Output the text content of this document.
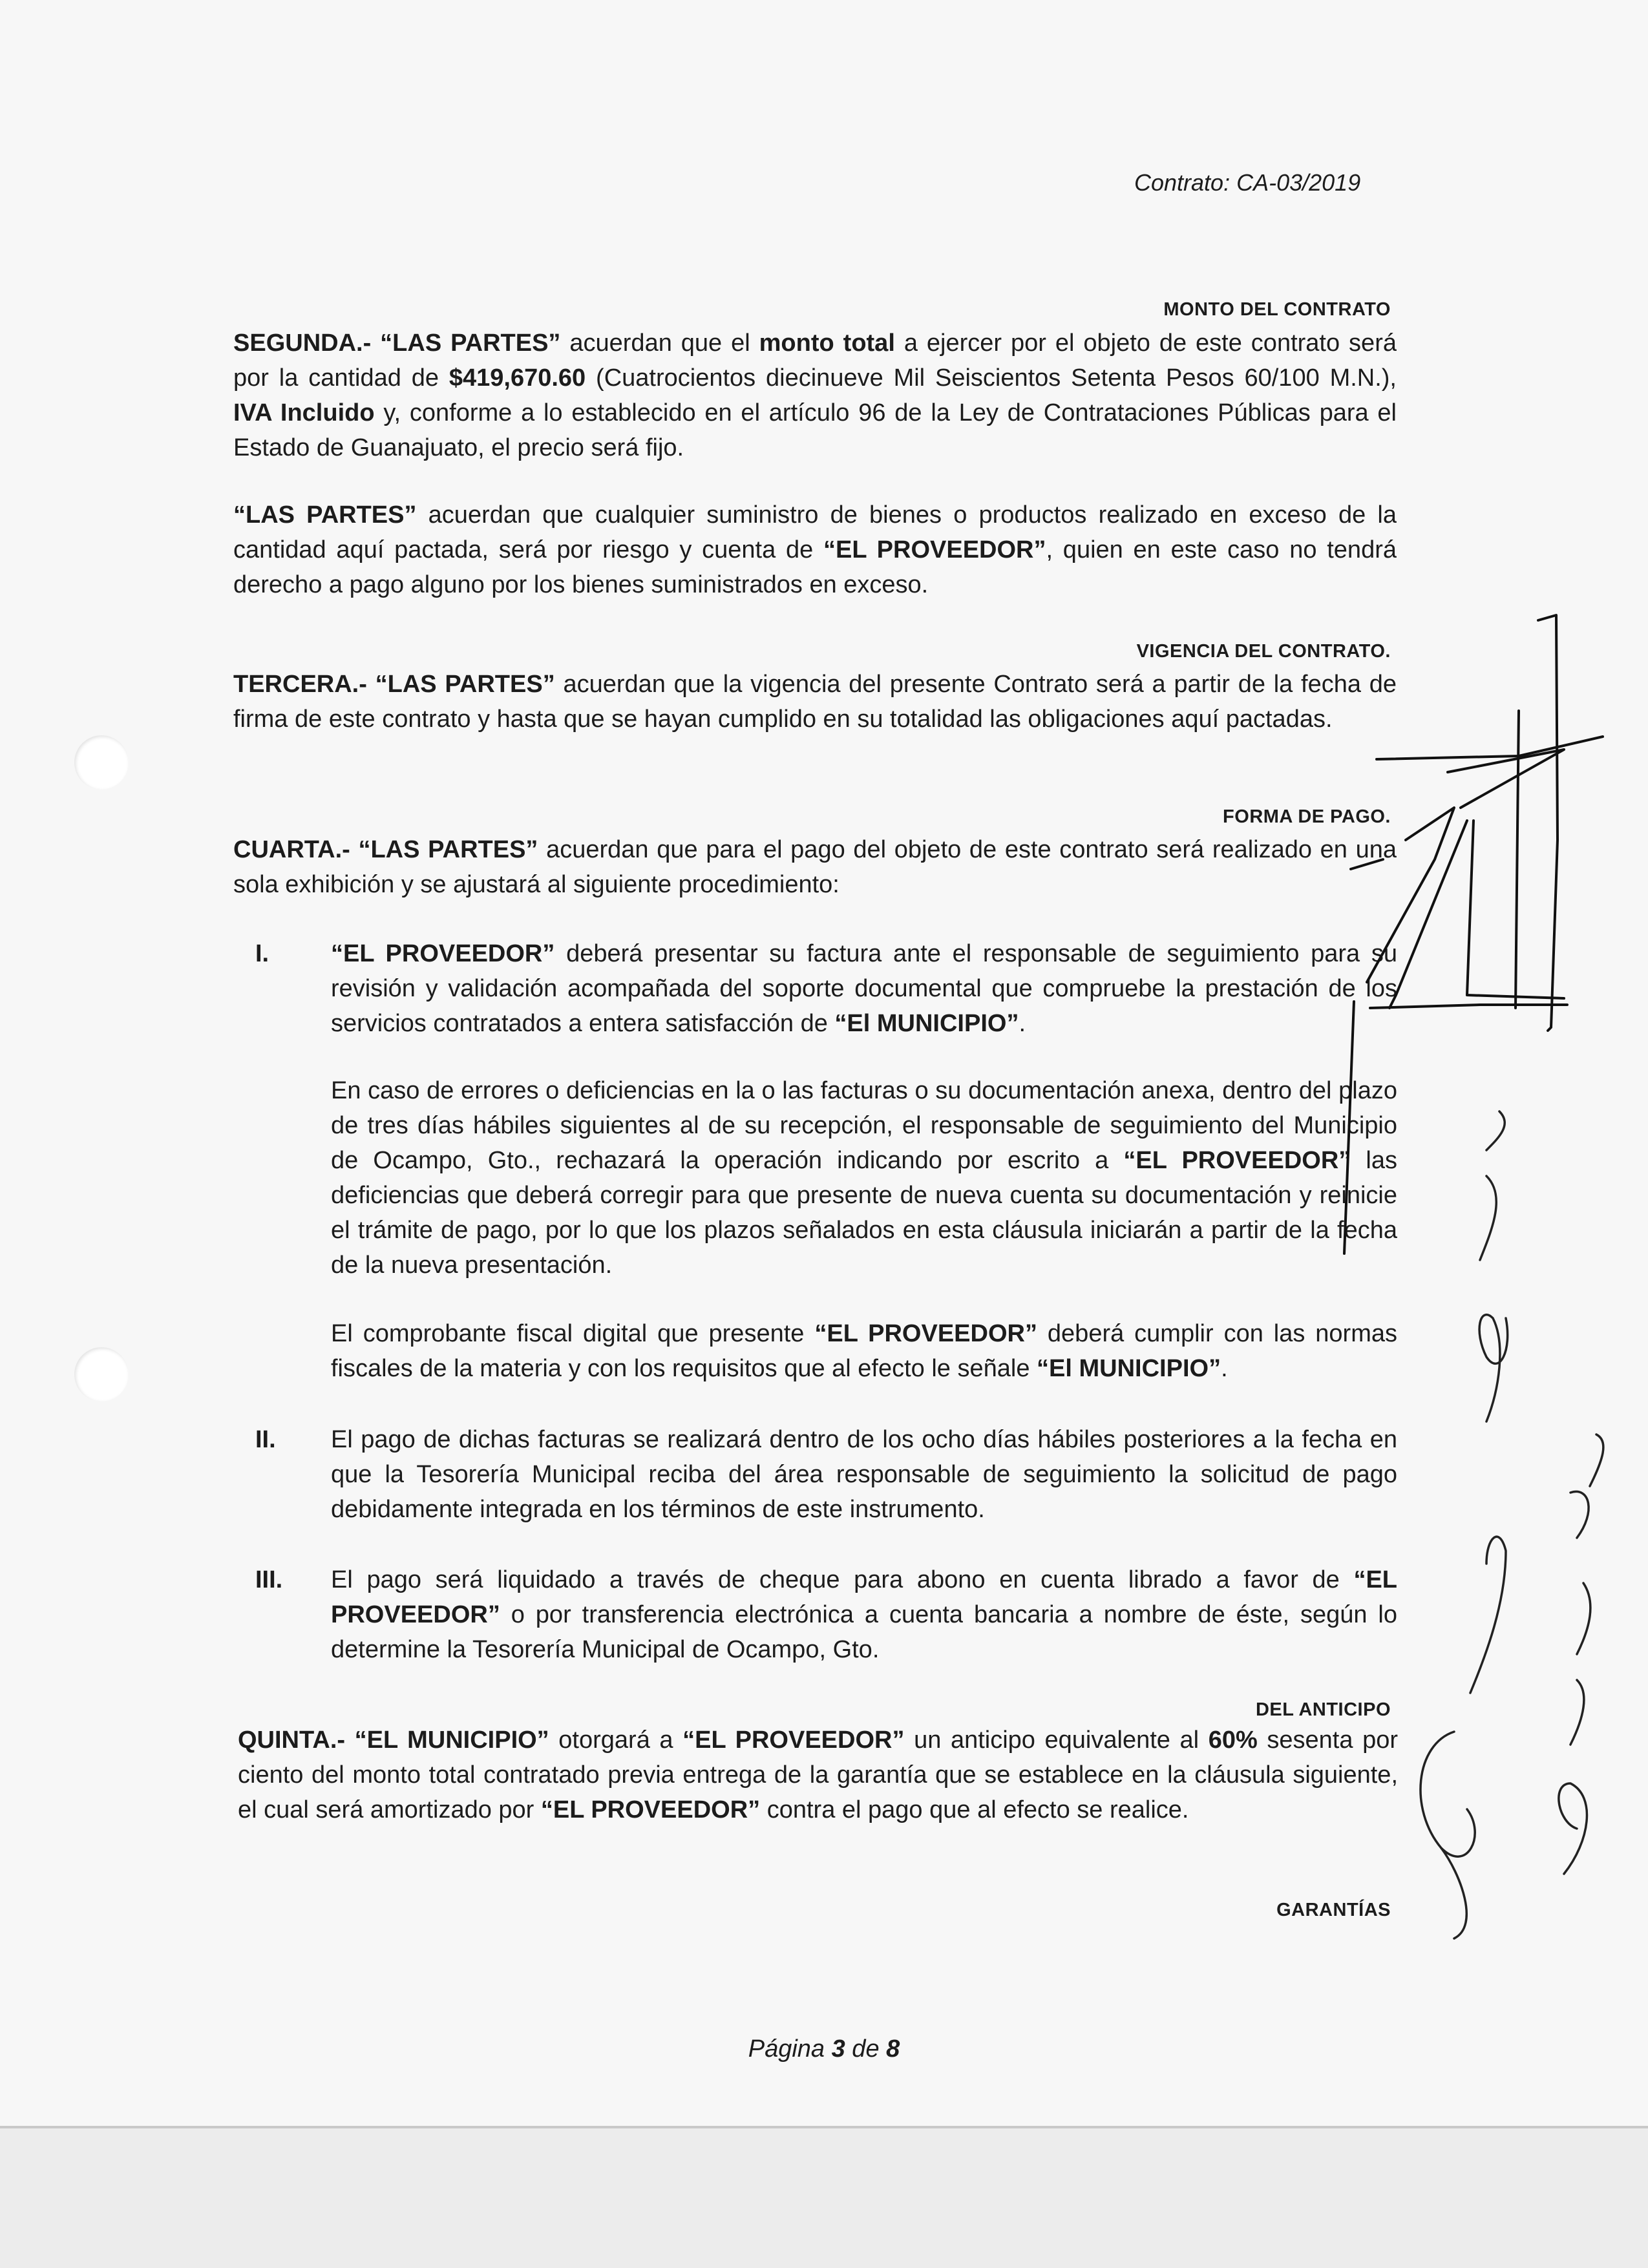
Contrato: CA-03/2019
MONTO DEL CONTRATO
SEGUNDA.- “LAS PARTES” acuerdan que el monto total a ejercer por el objeto de este contrato será por la cantidad de $419,670.60 (Cuatrocientos diecinueve Mil Seiscientos Setenta Pesos 60/100 M.N.), IVA Incluido y, conforme a lo establecido en el artículo 96 de la Ley de Contrataciones Públicas para el Estado de Guanajuato, el precio será fijo.
“LAS PARTES” acuerdan que cualquier suministro de bienes o productos realizado en exceso de la cantidad aquí pactada, será por riesgo y cuenta de “EL PROVEEDOR”, quien en este caso no tendrá derecho a pago alguno por los bienes suministrados en exceso.
VIGENCIA DEL CONTRATO.
TERCERA.- “LAS PARTES” acuerdan que la vigencia del presente Contrato será a partir de la fecha de firma de este contrato y hasta que se hayan cumplido en su totalidad las obligaciones aquí pactadas.
FORMA DE PAGO.
CUARTA.- “LAS PARTES” acuerdan que para el pago del objeto de este contrato será realizado en una sola exhibición y se ajustará al siguiente procedimiento:
I.	“EL PROVEEDOR” deberá presentar su factura ante el responsable de seguimiento para su revisión y validación acompañada del soporte documental que compruebe la prestación de los servicios contratados a entera satisfacción de “El MUNICIPIO”.
En caso de errores o deficiencias en la o las facturas o su documentación anexa, dentro del plazo de tres días hábiles siguientes al de su recepción, el responsable de seguimiento del Municipio de Ocampo, Gto., rechazará la operación indicando por escrito a “EL PROVEEDOR” las deficiencias que deberá corregir para que presente de nueva cuenta su documentación y reinicie el trámite de pago, por lo que los plazos señalados en esta cláusula iniciarán a partir de la fecha de la nueva presentación.
El comprobante fiscal digital que presente “EL PROVEEDOR” deberá cumplir con las normas fiscales de la materia y con los requisitos que al efecto le señale “El MUNICIPIO”.
II. El pago de dichas facturas se realizará dentro de los ocho días hábiles posteriores a la fecha en que la Tesorería Municipal reciba del área responsable de seguimiento la solicitud de pago debidamente integrada en los términos de este instrumento.
III. El pago será liquidado a través de cheque para abono en cuenta librado a favor de “EL PROVEEDOR” o por transferencia electrónica a cuenta bancaria a nombre de éste, según lo determine la Tesorería Municipal de Ocampo, Gto.
DEL ANTICIPO
QUINTA.- “EL MUNICIPIO” otorgará a “EL PROVEEDOR” un anticipo equivalente al 60% sesenta por ciento del monto total contratado previa entrega de la garantía que se establece en la cláusula siguiente, el cual será amortizado por “EL PROVEEDOR” contra el pago que al efecto se realice.
GARANTÍAS
Página 3 de 8
